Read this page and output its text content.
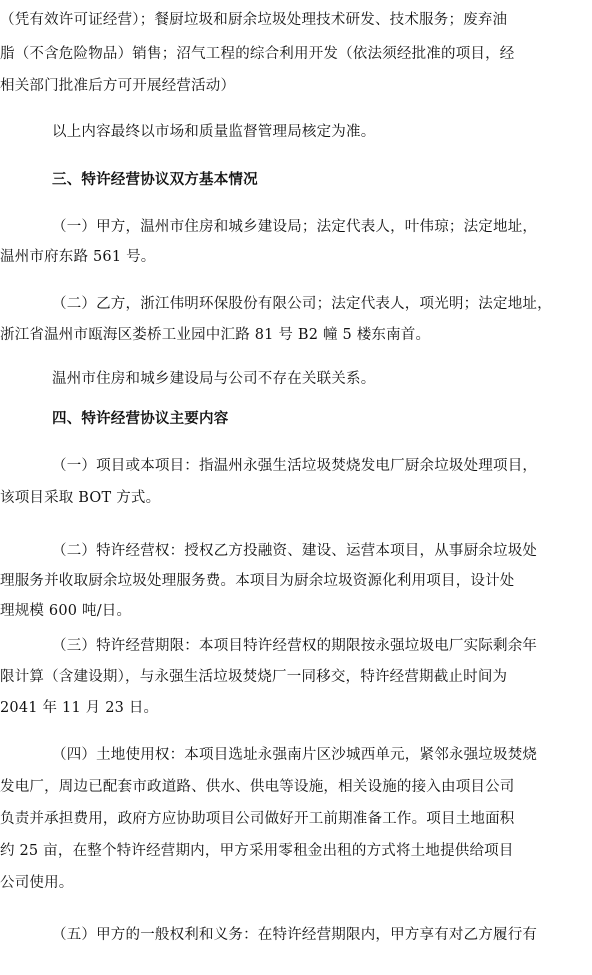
（凭有效许可证经营）；餐厨垃圾和厨余垃圾处理技术研发、技术服务；废弃油
脂（不含危险物品）销售；沼气工程的综合利用开发（依法须经批准的项目，经
相关部门批准后方可开展经营活动）
以上内容最终以市场和质量监督管理局核定为准。
三、特许经营协议双方基本情况
（一）甲方，温州市住房和城乡建设局；法定代表人，叶伟琼；法定地址，
温州市府东路 561 号。
（二）乙方，浙江伟明环保股份有限公司；法定代表人，项光明；法定地址，
浙江省温州市瓯海区娄桥工业园中汇路 81 号 B2 幢 5 楼东南首。
温州市住房和城乡建设局与公司不存在关联关系。
四、特许经营协议主要内容
（一）项目或本项目：指温州永强生活垃圾焚烧发电厂厨余垃圾处理项目，
该项目采取 BOT 方式。
（二）特许经营权：授权乙方投融资、建设、运营本项目，从事厨余垃圾处
理服务并收取厨余垃圾处理服务费。本项目为厨余垃圾资源化利用项目，设计处
理规模 600 吨/日。
（三）特许经营期限：本项目特许经营权的期限按永强垃圾电厂实际剩余年
限计算（含建设期），与永强生活垃圾焚烧厂一同移交，特许经营期截止时间为
2041 年 11 月 23 日。
（四）土地使用权：本项目选址永强南片区沙城西单元，紧邻永强垃圾焚烧
发电厂，周边已配套市政道路、供水、供电等设施，相关设施的接入由项目公司
负责并承担费用，政府方应协助项目公司做好开工前期准备工作。项目土地面积
约 25 亩，在整个特许经营期内，甲方采用零租金出租的方式将土地提供给项目
公司使用。
（五）甲方的一般权利和义务：在特许经营期限内，甲方享有对乙方履行有
